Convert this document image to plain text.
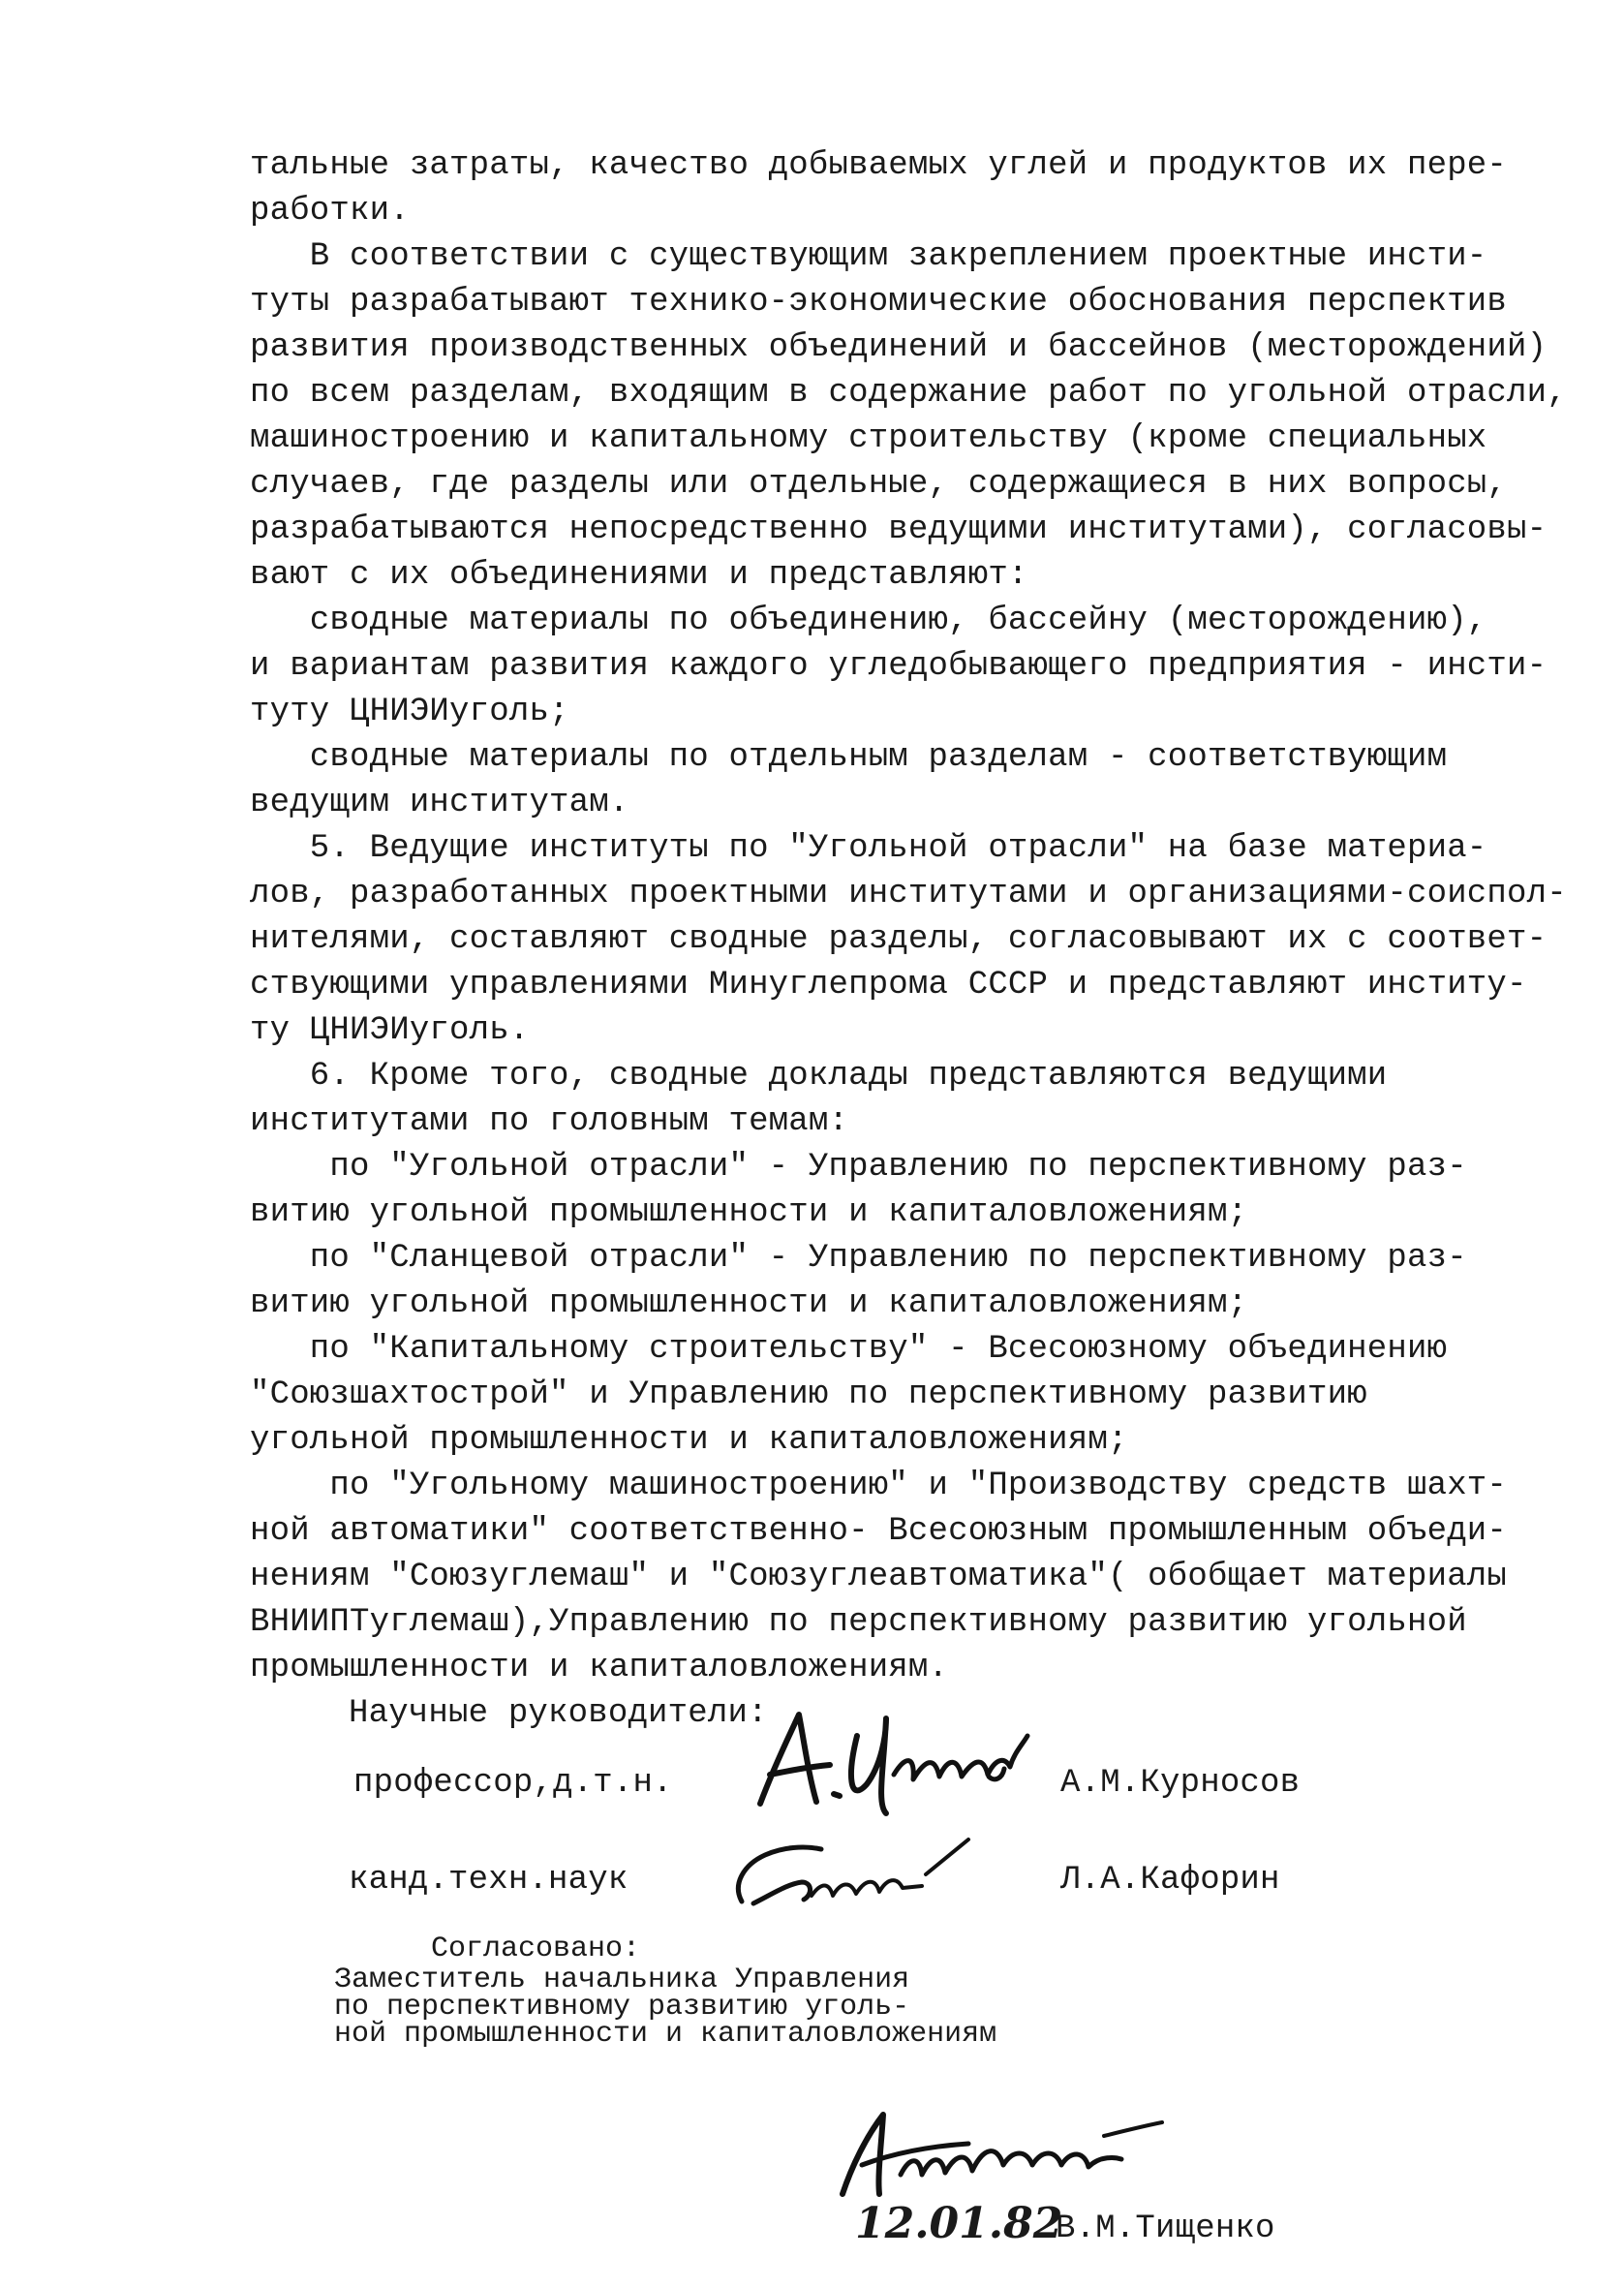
тальные затраты, качество добываемых углей и продуктов их пере-
работки.
В соответствии с существующим закреплением проектные инсти-
туты разрабатывают технико-экономические обоснования перспектив
развития производственных объединений и бассейнов (месторождений)
по всем разделам, входящим в содержание работ по угольной отрасли,
машиностроению и капитальному строительству (кроме специальных
случаев, где разделы или отдельные, содержащиеся в них вопросы,
разрабатываются непосредственно ведущими институтами), согласовы-
вают с их объединениями и представляют:
сводные материалы по объединению, бассейну (месторождению),
и вариантам развития каждого угледобывающего предприятия - инсти-
туту ЦНИЭИуголь;
сводные материалы по отдельным разделам - соответствующим
ведущим институтам.
5. Ведущие институты по "Угольной отрасли" на базе материа-
лов, разработанных проектными институтами и организациями-соиспол-
нителями, составляют сводные разделы, согласовывают их с соответ-
ствующими управлениями Минуглепрома СССР и представляют институ-
ту ЦНИЭИуголь.
6. Кроме того, сводные доклады представляются ведущими
институтами по головным темам:
по "Угольной отрасли" - Управлению по перспективному раз-
витию угольной промышленности и капиталовложениям;
по "Сланцевой отрасли" - Управлению по перспективному раз-
витию угольной промышленности и капиталовложениям;
по "Капитальному строительству" - Всесоюзному объединению
"Союзшахтострой" и Управлению по перспективному развитию
угольной промышленности и капиталовложениям;
по "Угольному машиностроению" и "Производству средств шахт-
ной автоматики" соответственно- Всесоюзным промышленным объеди-
нениям "Союзуглемаш" и "Союзуглеавтоматика"( обобщает материалы
ВНИИПТуглемаш),Управлению по перспективному развитию угольной
промышленности и капиталовложениям.
Научные руководители:
профессор,д.т.н.	А.М.Курносов
канд.техн.наук	Л.А.Кафорин
Согласовано:
Заместитель начальника Управления
по перспективному развитию уголь-
ной промышленности и капиталовложениям
12.01.82
В.М.Тищенко
